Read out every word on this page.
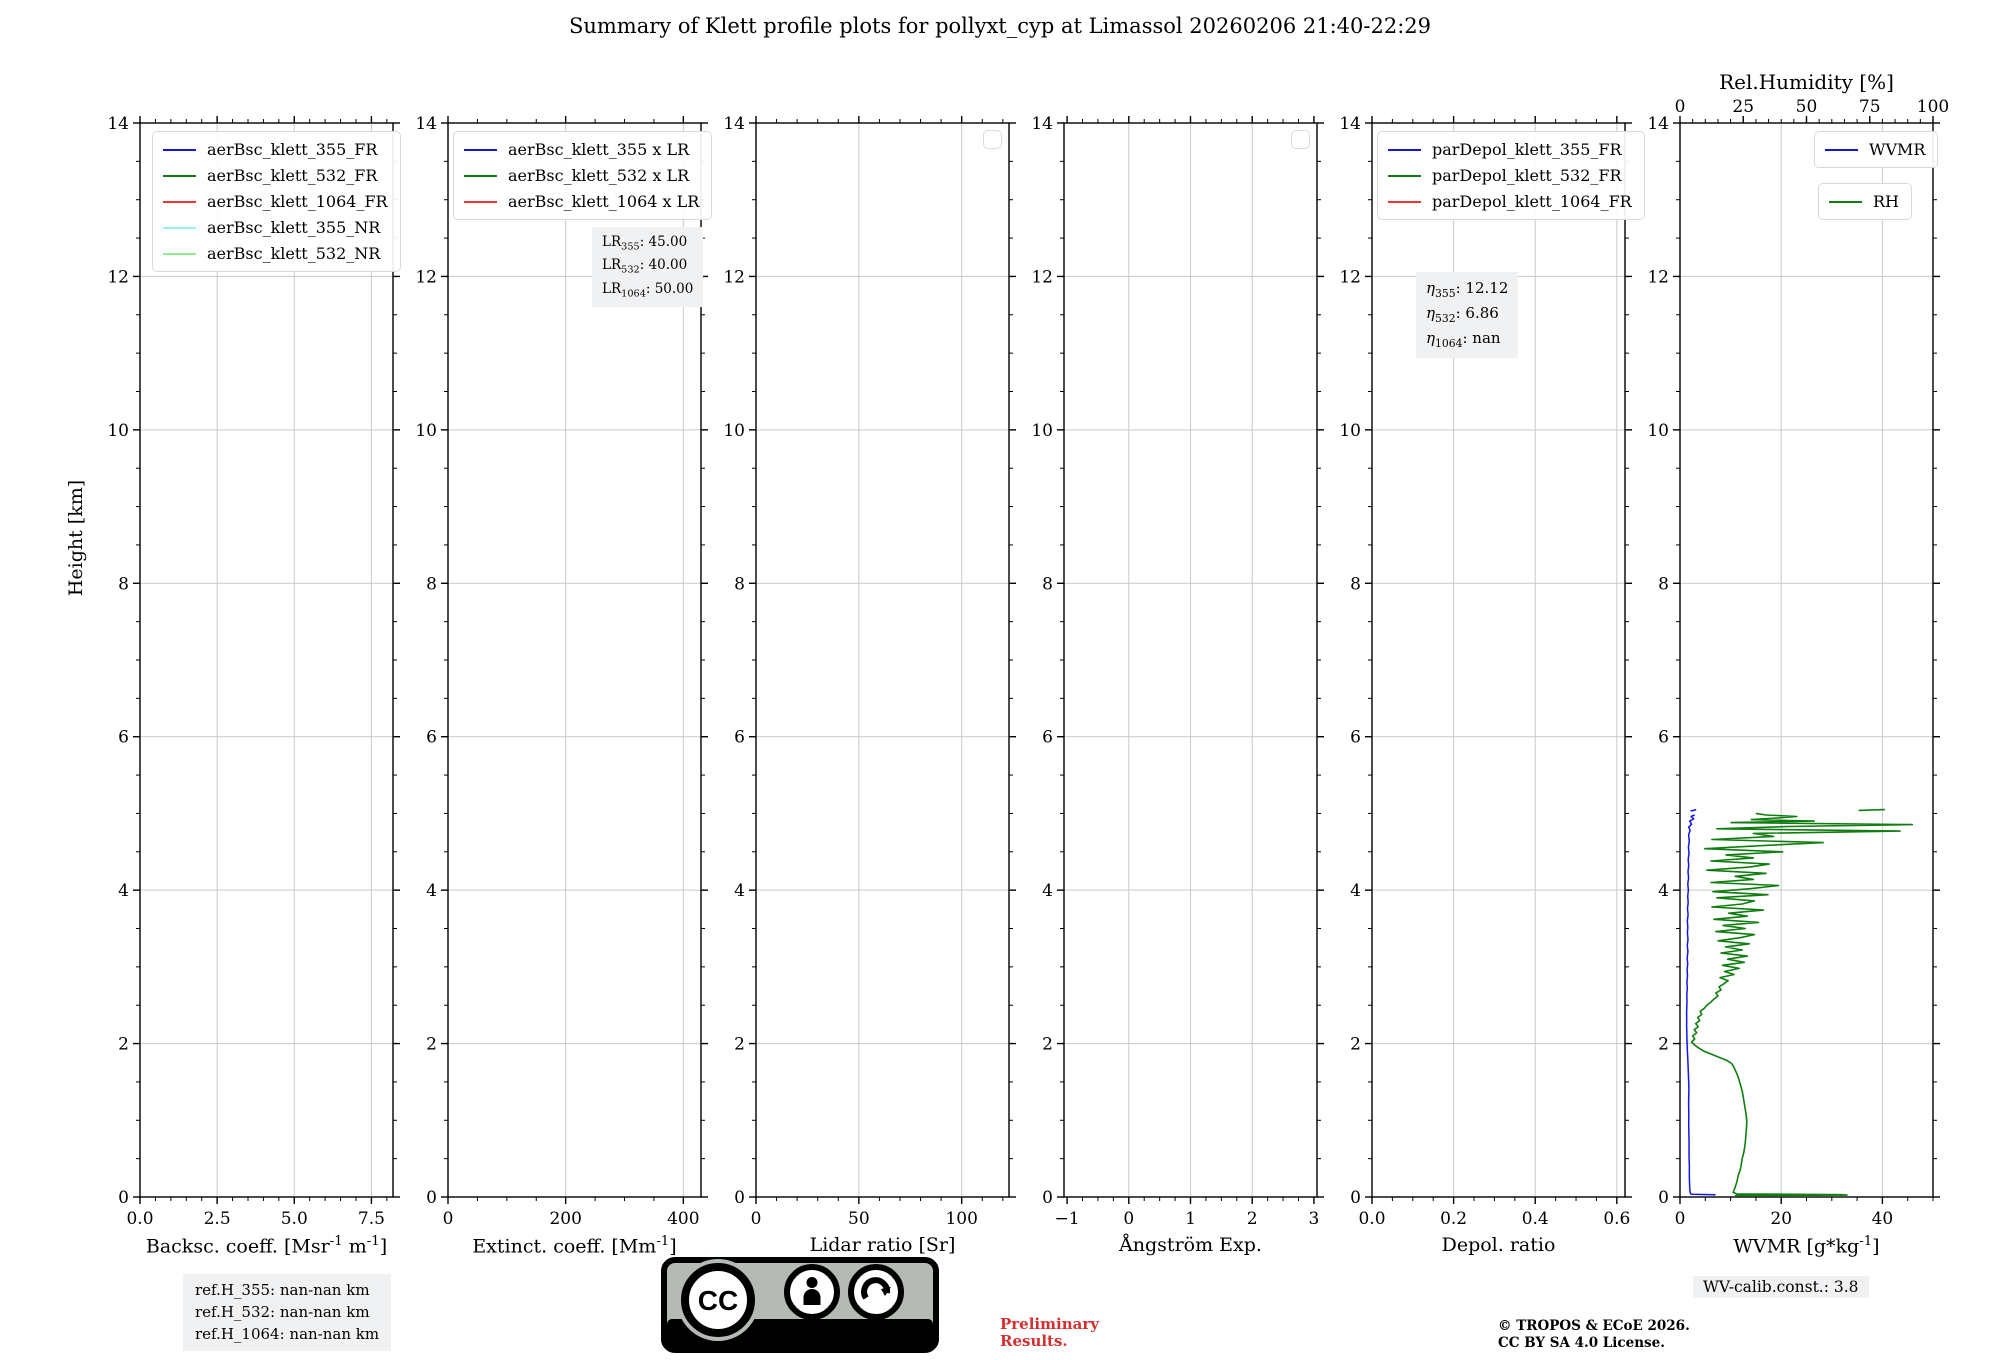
Summary of Klett profile plots for pollyxt_cyp at Limassol 20260206 21:40-22:29
Height [km]
0
2
4
6
8
10
12
14
0.0	2.5	5.0	7.5
0
2
4
6
8
10
12
14
0	200	400
0
2
4
6
8
10
12
14
0	50	100
0
2
4
6
8
10
12
14
−1	0	1	2	3
0
2
4
6
8
10
12
14
0.0	0.2	0.4	0.6
0
2
4
6
8
10
12
14
0	20	40
0	25 50 75 100
Backsc. coeff. [Msr$^{-1}$ $m^{-1}$]
aerBsc_klett_355_FR
aerBsc_klett_532_FR
aerBsc_klett_1064_FR
aerBsc_klett_355_NR
aerBsc_klett_532_NR
Extinct. coeff. $[Mm^{-1}]$
aerBsc_klett_355 x LR
aerBsc_klett_532 x LR
aerBsc_klett_1064 x LR
$LR_{355}$: 45.00
$LR_{532}$: 40.00
$LR_{1064}$: 50.00
Lidar ratio [Sr]	Ångström Exp.	Depol. ratio
parDepol_klett_355_FR
parDepol_klett_532_FR
parDepol_klett_1064_FR
$\eta_{355}$: 12.12
$\eta_{532}$: 6.86
$\eta_{1064}$: nan
Rel.Humidity [%]
WVMR $[g*kg^{-1}]$
WVMR
RH
ref.H_355: nan-nan km
ref.H_532: nan-nan km
ref.H_1064: nan-nan km
CC
BY SA	Preliminary
Results.
© TROPOS & ECoE 2026.
CC BY SA 4.0 License.
WV-calib.const.: 3.8
